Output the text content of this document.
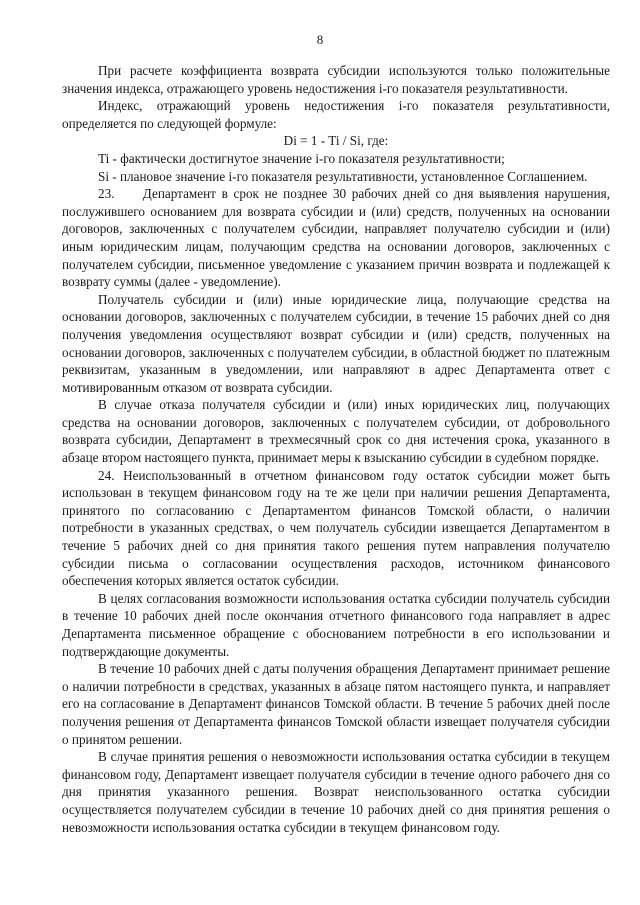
8

При расчете коэффициента возврата субсидии используются только положительные значения индекса, отражающего уровень недостижения i-го показателя результативности.

Индекс, отражающий уровень недостижения i-го показателя результативности, определяется по следующей формуле:

Di = 1 - Ti / Si, где:

Ti - фактически достигнутое значение i-го показателя результативности;

Si - плановое значение i-го показателя результативности, установленное Соглашением.

23.     Департамент в срок не позднее 30 рабочих дней со дня выявления нарушения, послужившего основанием для возврата субсидии и (или) средств, полученных на основании договоров, заключенных с получателем субсидии, направляет получателю субсидии и (или) иным юридическим лицам, получающим средства на основании договоров, заключенных с получателем субсидии, письменное уведомление с указанием причин возврата и подлежащей к возврату суммы (далее - уведомление).

Получатель субсидии и (или) иные юридические лица, получающие средства на основании договоров, заключенных с получателем субсидии, в течение 15 рабочих дней со дня получения уведомления осуществляют возврат субсидии и (или) средств, полученных на основании договоров, заключенных с получателем субсидии, в областной бюджет по платежным реквизитам, указанным в уведомлении, или направляют в адрес Департамента ответ с мотивированным отказом от возврата субсидии.

В случае отказа получателя субсидии и (или) иных юридических лиц, получающих средства на основании договоров, заключенных с получателем субсидии, от добровольного возврата субсидии, Департамент в трехмесячный срок со дня истечения срока, указанного в абзаце втором настоящего пункта, принимает меры к взысканию субсидии в судебном порядке.

24. Неиспользованный в отчетном финансовом году остаток субсидии может быть использован в текущем финансовом году на те же цели при наличии решения Департамента, принятого по согласованию с Департаментом финансов Томской области, о наличии потребности в указанных средствах, о чем получатель субсидии извещается Департаментом в течение 5 рабочих дней со дня принятия такого решения путем направления получателю субсидии письма о согласовании осуществления расходов, источником финансового обеспечения которых является остаток субсидии.

В целях согласования возможности использования остатка субсидии получатель субсидии в течение 10 рабочих дней после окончания отчетного финансового года направляет в адрес Департамента письменное обращение с обоснованием потребности в его использовании и подтверждающие документы.

В течение 10 рабочих дней с даты получения обращения Департамент принимает решение о наличии потребности в средствах, указанных в абзаце пятом настоящего пункта, и направляет его на согласование в Департамент финансов Томской области. В течение 5 рабочих дней после получения решения от Департамента финансов Томской области извещает получателя субсидии о принятом решении.

В случае принятия решения о невозможности использования остатка субсидии в текущем финансовом году, Департамент извещает получателя субсидии в течение одного рабочего дня со дня принятия указанного решения. Возврат неиспользованного остатка субсидии осуществляется получателем субсидии в течение 10 рабочих дней со дня принятия решения о невозможности использования остатка субсидии в текущем финансовом году.
